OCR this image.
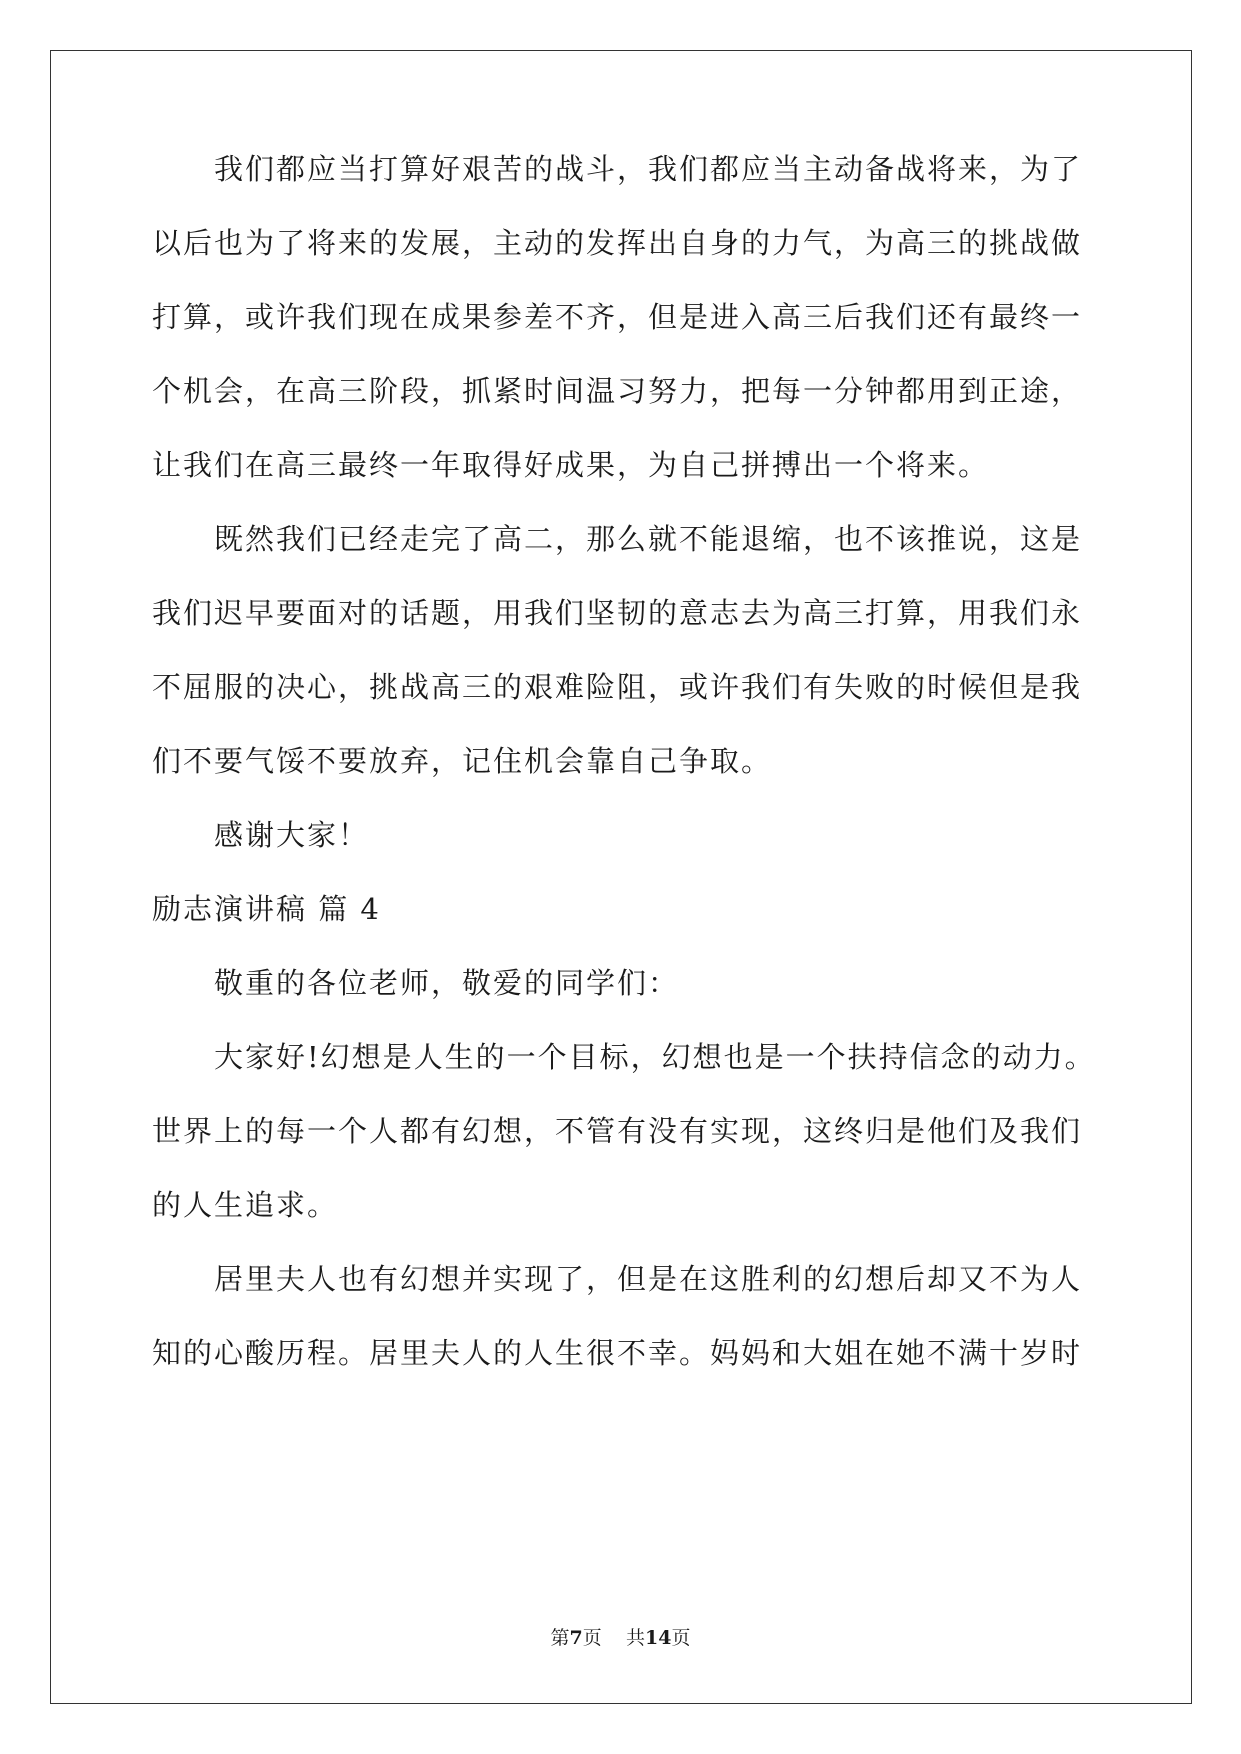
我们都应当打算好艰苦的战斗，我们都应当主动备战将来，为了
以后也为了将来的发展，主动的发挥出自身的力气，为高三的挑战做
打算，或许我们现在成果参差不齐，但是进入高三后我们还有最终一
个机会，在高三阶段，抓紧时间温习努力，把每一分钟都用到正途，
让我们在高三最终一年取得好成果，为自己拼搏出一个将来。
既然我们已经走完了高二，那么就不能退缩，也不该推说，这是
我们迟早要面对的话题，用我们坚韧的意志去为高三打算，用我们永
不屈服的决心，挑战高三的艰难险阻，或许我们有失败的时候但是我
们不要气馁不要放弃，记住机会靠自己争取。
感谢大家！
励志演讲稿 篇 4
敬重的各位老师，敬爱的同学们：
大家好!幻想是人生的一个目标，幻想也是一个扶持信念的动力。
世界上的每一个人都有幻想，不管有没有实现，这终归是他们及我们
的人生追求。
居里夫人也有幻想并实现了，但是在这胜利的幻想后却又不为人
知的心酸历程。居里夫人的人生很不幸。妈妈和大姐在她不满十岁时
第7页 共14页
